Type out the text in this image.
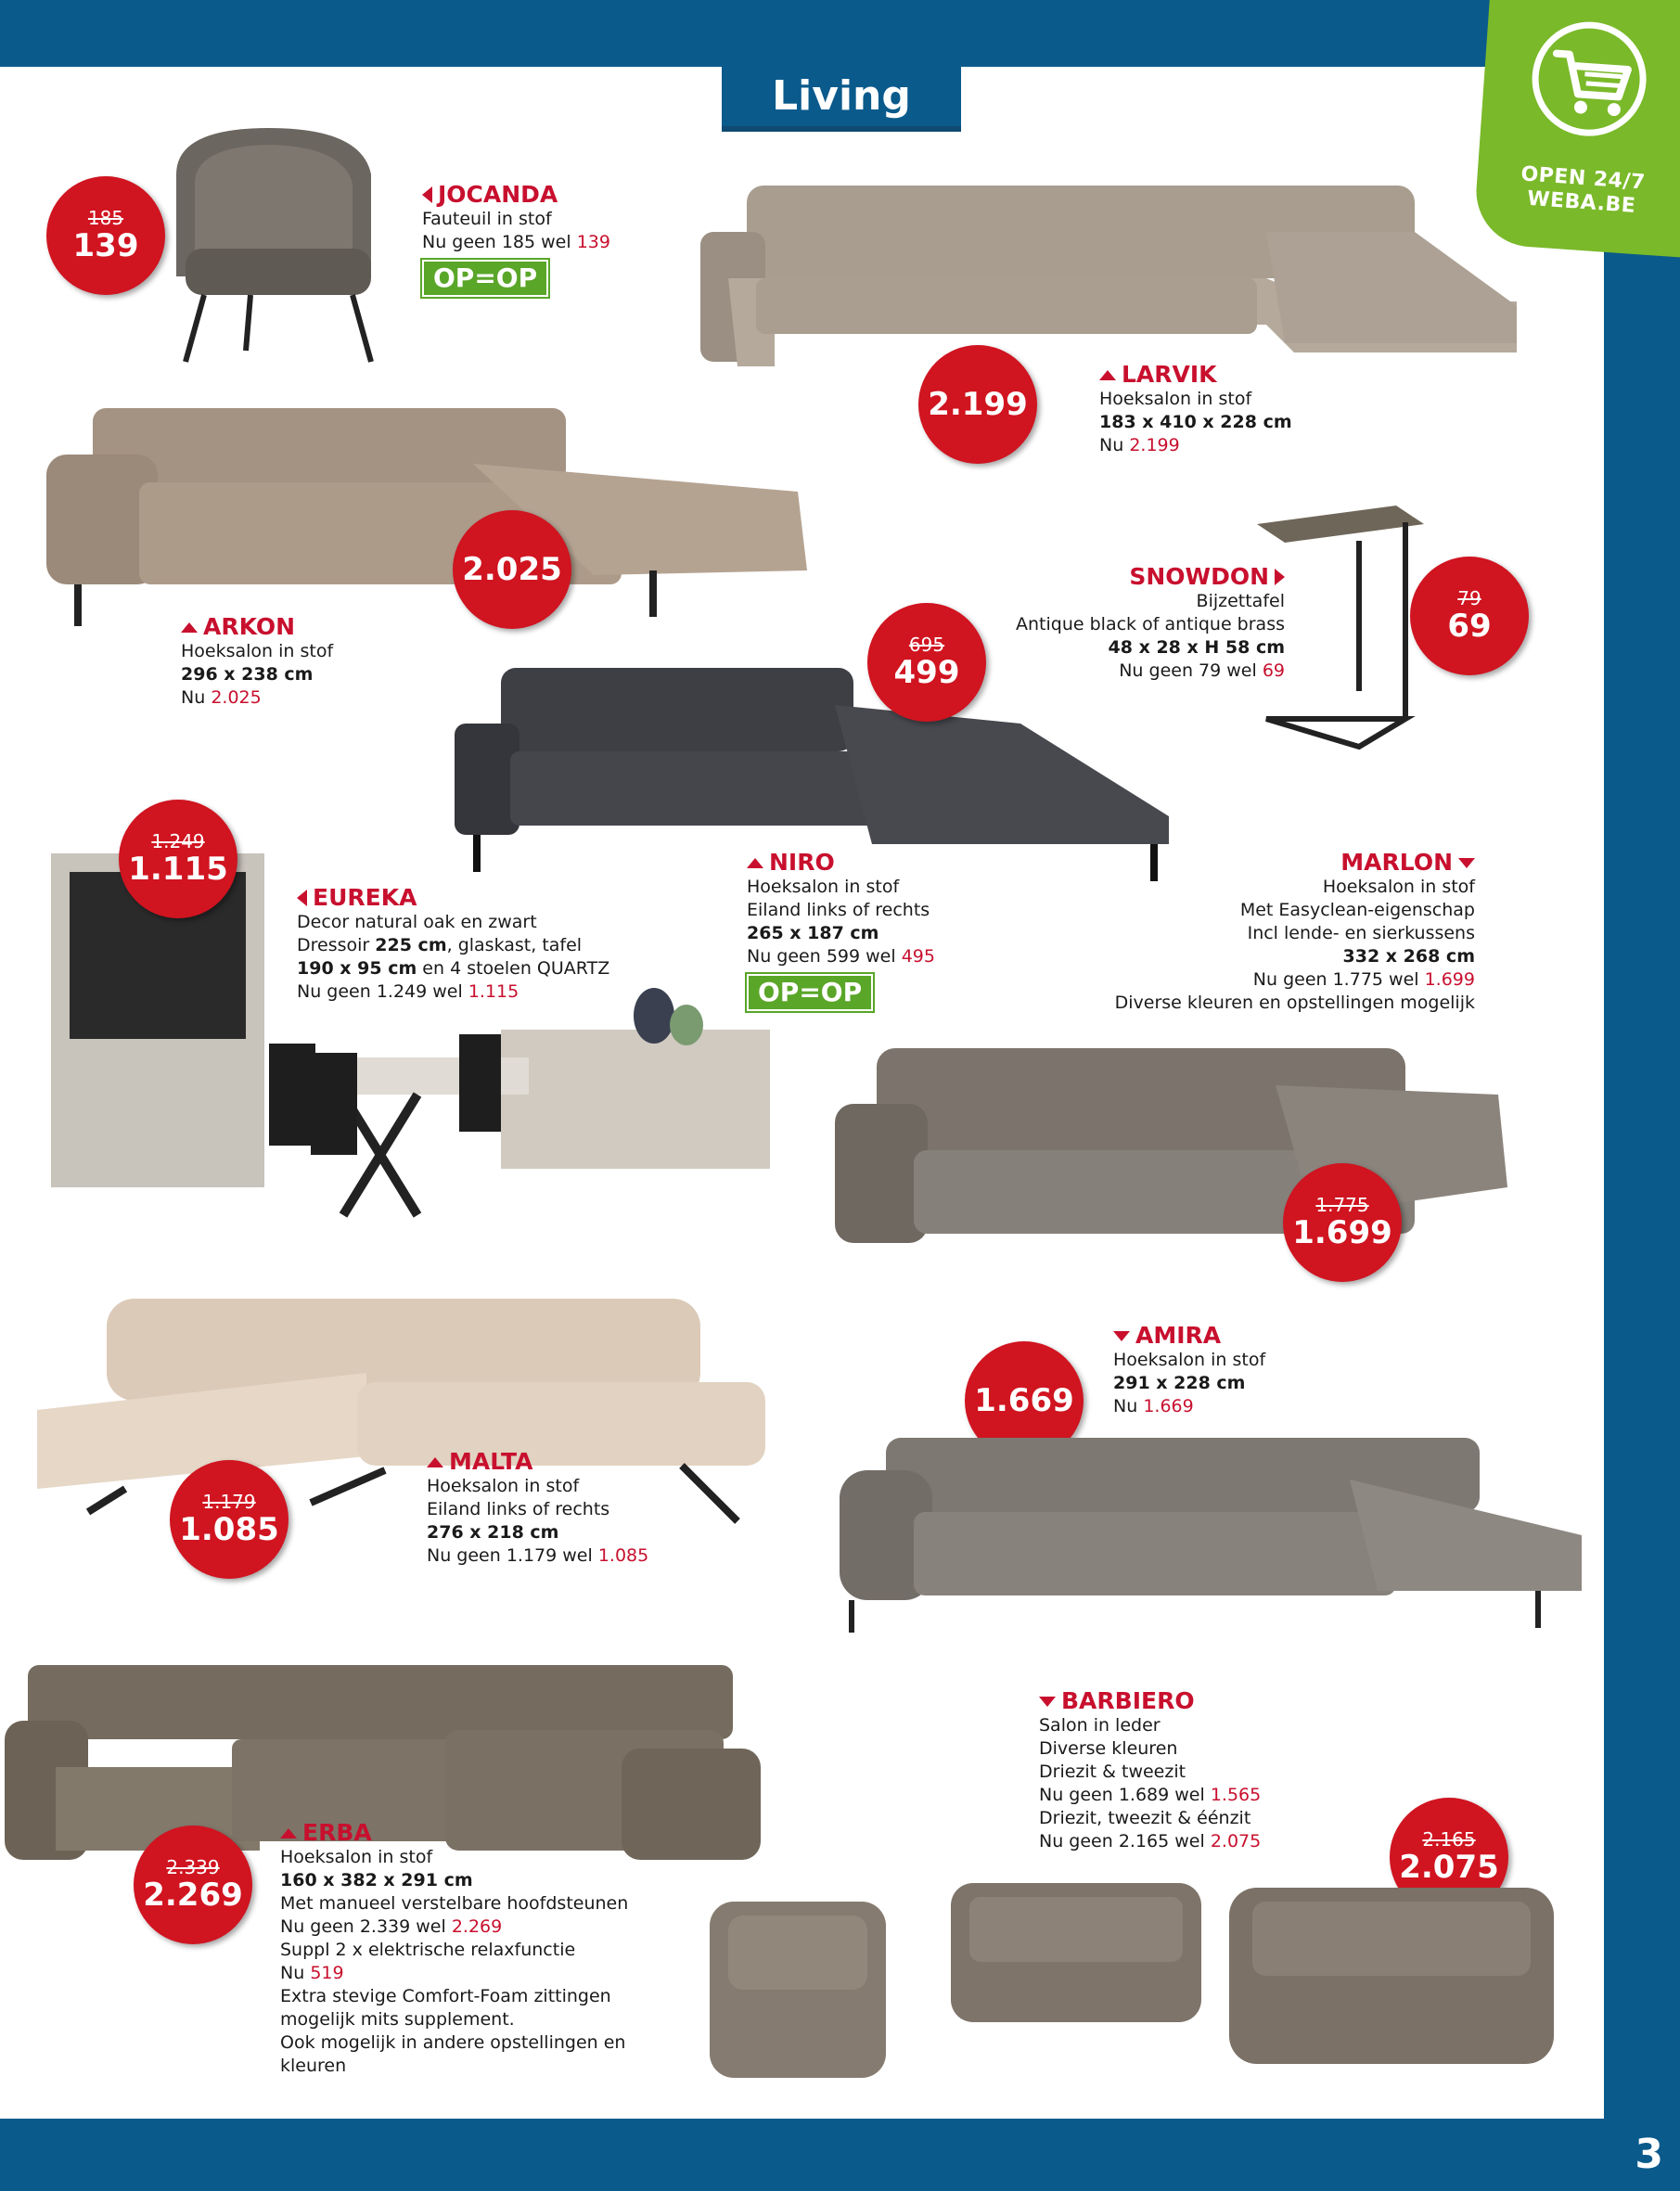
3
Living
OPEN 24/7
WEBA.BE
185
139
JOCANDA
Fauteuil in stof
Nu geen 185 wel 139
OP=OP
2.199
LARVIK
Hoeksalon in stof
183 x 410 x 228 cm
Nu 2.199
2.025
ARKON
Hoeksalon in stof
296 x 238 cm
Nu 2.025
79
69
SNOWDON
Bijzettafel
Antique black of antique brass
48 x 28 x H 58 cm
Nu geen 79 wel 69
695
499
NIRO
Hoeksalon in stof
Eiland links of rechts
265 x 187 cm
Nu geen 599 wel 495
OP=OP
1.249
1.115
EUREKA
Decor natural oak en zwart
Dressoir 225 cm, glaskast, tafel
190 x 95 cm en 4 stoelen QUARTZ
Nu geen 1.249 wel 1.115
MARLON
Hoeksalon in stof
Met Easyclean-eigenschap
Incl lende- en sierkussens
332 x 268 cm
Nu geen 1.775 wel 1.699
Diverse kleuren en opstellingen mogelijk
1.775
1.699
1.179
1.085
MALTA
Hoeksalon in stof
Eiland links of rechts
276 x 218 cm
Nu geen 1.179 wel 1.085
1.669
AMIRA
Hoeksalon in stof
291 x 228 cm
Nu 1.669
2.339
2.269
ERBA
Hoeksalon in stof
160 x 382 x 291 cm
Met manueel verstelbare hoofdsteunen
Nu geen 2.339 wel 2.269
Suppl 2 x elektrische relaxfunctie
Nu 519
Extra stevige Comfort-Foam zittingen
mogelijk mits supplement.
Ook mogelijk in andere opstellingen en
kleuren
BARBIERO
Salon in leder
Diverse kleuren
Driezit & tweezit
Nu geen 1.689 wel 1.565
Driezit, tweezit & éénzit
Nu geen 2.165 wel 2.075	2.165
2.075
